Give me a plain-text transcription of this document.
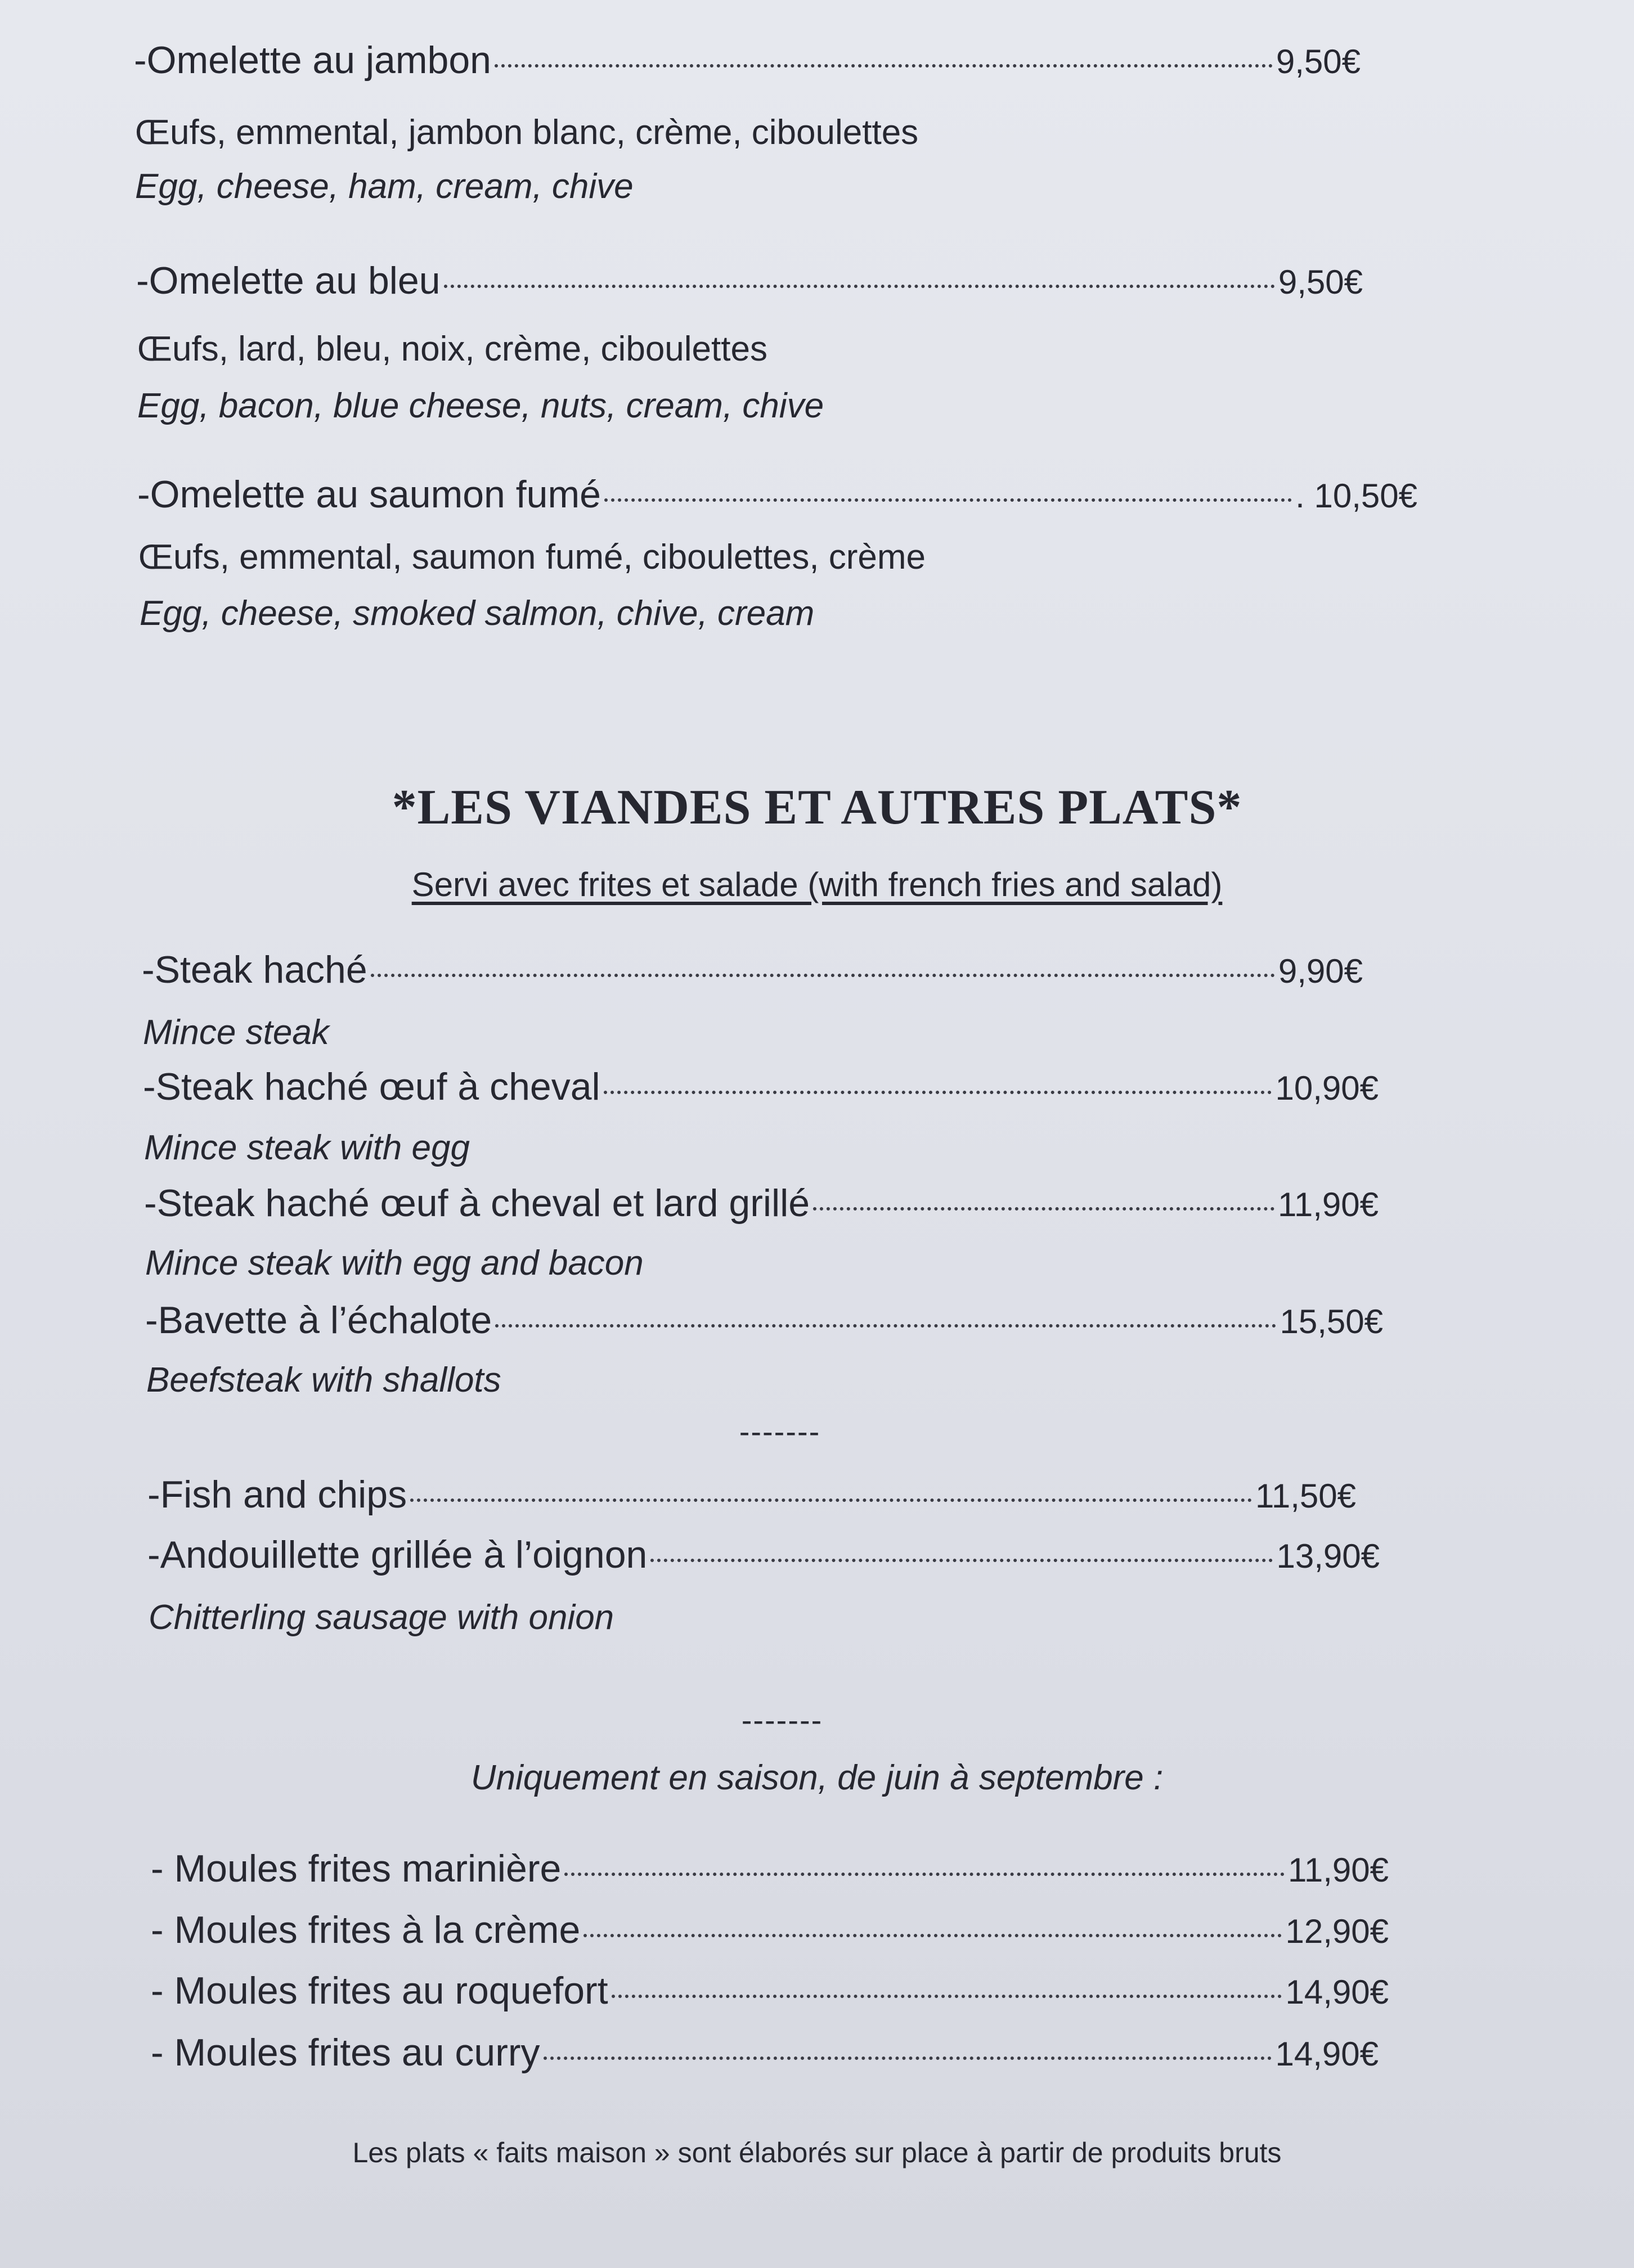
-Omelette au jambon	9,50€
Œufs, emmental, jambon blanc, crème, ciboulettes
Egg, cheese, ham, cream, chive
-Omelette au bleu	9,50€
Œufs, lard, bleu, noix, crème, ciboulettes
Egg, bacon, blue cheese, nuts, cream, chive
-Omelette au saumon fumé	. 10,50€
Œufs, emmental, saumon fumé, ciboulettes, crème
Egg, cheese, smoked salmon, chive, cream
*LES VIANDES ET AUTRES PLATS*
Servi avec frites et salade (with french fries and salad)
-Steak haché	9,90€
Mince steak
-Steak haché œuf à cheval	10,90€
Mince steak with egg
-Steak haché œuf à cheval et lard grillé	11,90€
Mince steak with egg and bacon
-Bavette à l’échalote	15,50€
Beefsteak with shallots
-------
-Fish and chips	11,50€
-Andouillette grillée à l’oignon	13,90€
Chitterling sausage with onion
-------
Uniquement en saison, de juin à septembre :
- Moules frites marinière	11,90€
- Moules frites à la crème	12,90€
- Moules frites au roquefort	14,90€
- Moules frites au curry	14,90€
Les plats « faits maison » sont élaborés sur place à partir de produits bruts
